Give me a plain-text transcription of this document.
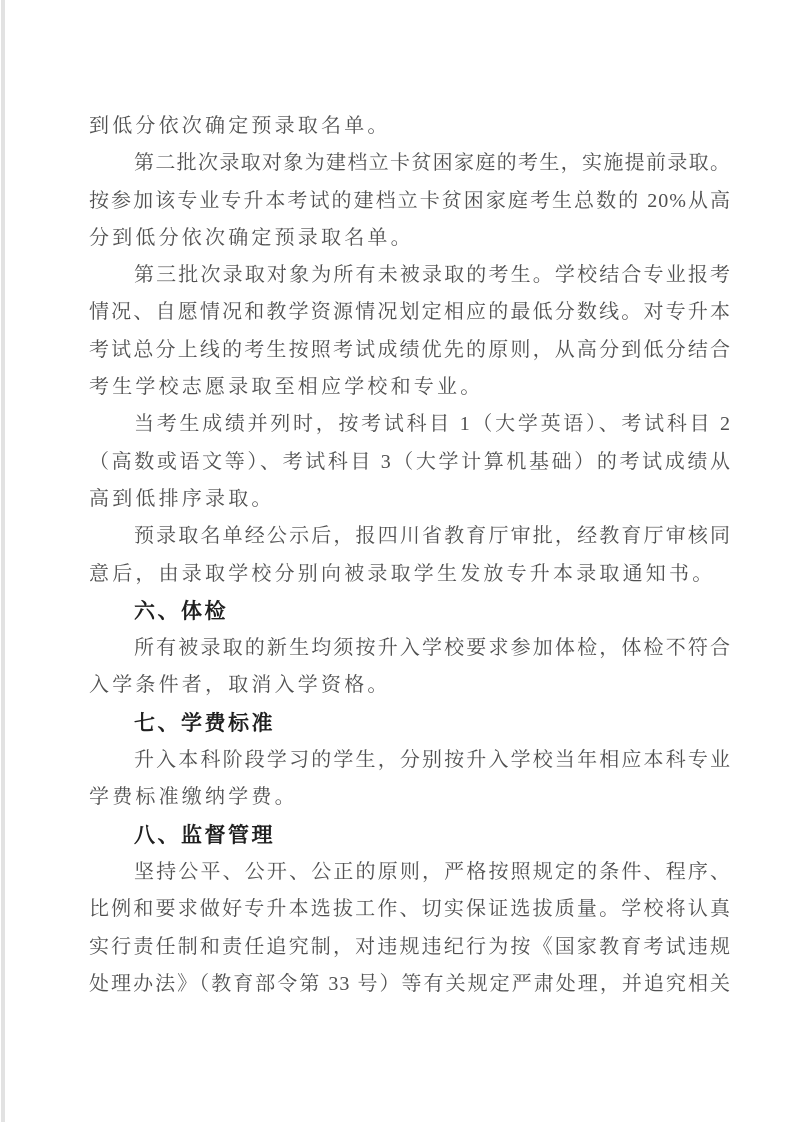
到低分依次确定预录取名单。
第二批次录取对象为建档立卡贫困家庭的考生，实施提前录取。
按参加该专业专升本考试的建档立卡贫困家庭考生总数的 20%从高
分到低分依次确定预录取名单。
第三批次录取对象为所有未被录取的考生。学校结合专业报考
情况、自愿情况和教学资源情况划定相应的最低分数线。对专升本
考试总分上线的考生按照考试成绩优先的原则，从高分到低分结合
考生学校志愿录取至相应学校和专业。
当考生成绩并列时，按考试科目 1（大学英语）、考试科目 2
（高数或语文等）、考试科目 3（大学计算机基础）的考试成绩从
高到低排序录取。
预录取名单经公示后，报四川省教育厅审批，经教育厅审核同
意后，由录取学校分别向被录取学生发放专升本录取通知书。
六、体检
所有被录取的新生均须按升入学校要求参加体检，体检不符合
入学条件者，取消入学资格。
七、学费标准
升入本科阶段学习的学生，分别按升入学校当年相应本科专业
学费标准缴纳学费。
八、监督管理
坚持公平、公开、公正的原则，严格按照规定的条件、程序、
比例和要求做好专升本选拔工作、切实保证选拔质量。学校将认真
实行责任制和责任追究制，对违规违纪行为按《国家教育考试违规
处理办法》（教育部令第 33 号）等有关规定严肃处理，并追究相关
